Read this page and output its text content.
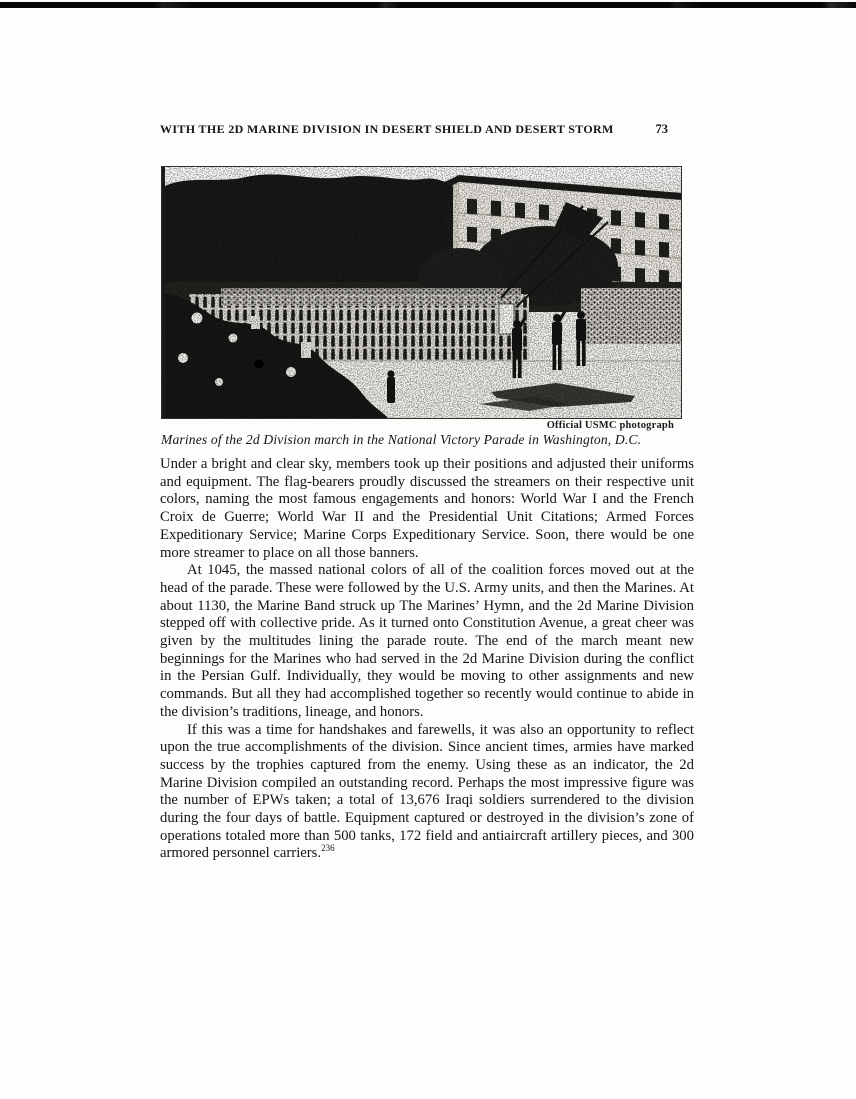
WITH THE 2D MARINE DIVISION IN DESERT SHIELD AND DESERT STORM	73
Official USMC photograph
Marines of the 2d Division march in the National Victory Parade in Washington, D.C.

Under a bright and clear sky, members took up their positions and adjusted their uniforms and equipment. The flag-bearers proudly discussed the streamers on their respective unit colors, naming the most famous engagements and honors: World War I and the French Croix de Guerre; World War II and the Presidential Unit Citations; Armed Forces Expeditionary Service; Marine Corps Expeditionary Service. Soon, there would be one more streamer to place on all those banners.

At 1045, the massed national colors of all of the coalition forces moved out at the head of the parade. These were followed by the U.S. Army units, and then the Marines. At about 1130, the Marine Band struck up The Marines’ Hymn, and the 2d Marine Division stepped off with collective pride. As it turned onto Constitution Avenue, a great cheer was given by the multitudes lining the parade route. The end of the march meant new beginnings for the Marines who had served in the 2d Marine Division during the conflict in the Persian Gulf. Individually, they would be moving to other assignments and new commands. But all they had accomplished together so recently would continue to abide in the division’s traditions, lineage, and honors.

If this was a time for handshakes and farewells, it was also an opportunity to reflect upon the true accomplishments of the division. Since ancient times, armies have marked success by the trophies captured from the enemy. Using these as an indicator, the 2d Marine Division compiled an outstanding record. Perhaps the most impressive figure was the number of EPWs taken; a total of 13,676 Iraqi soldiers surrendered to the division during the four days of battle. Equipment captured or destroyed in the division’s zone of operations totaled more than 500 tanks, 172 field and antiaircraft artillery pieces, and 300 armored personnel carriers.$^{236}$
